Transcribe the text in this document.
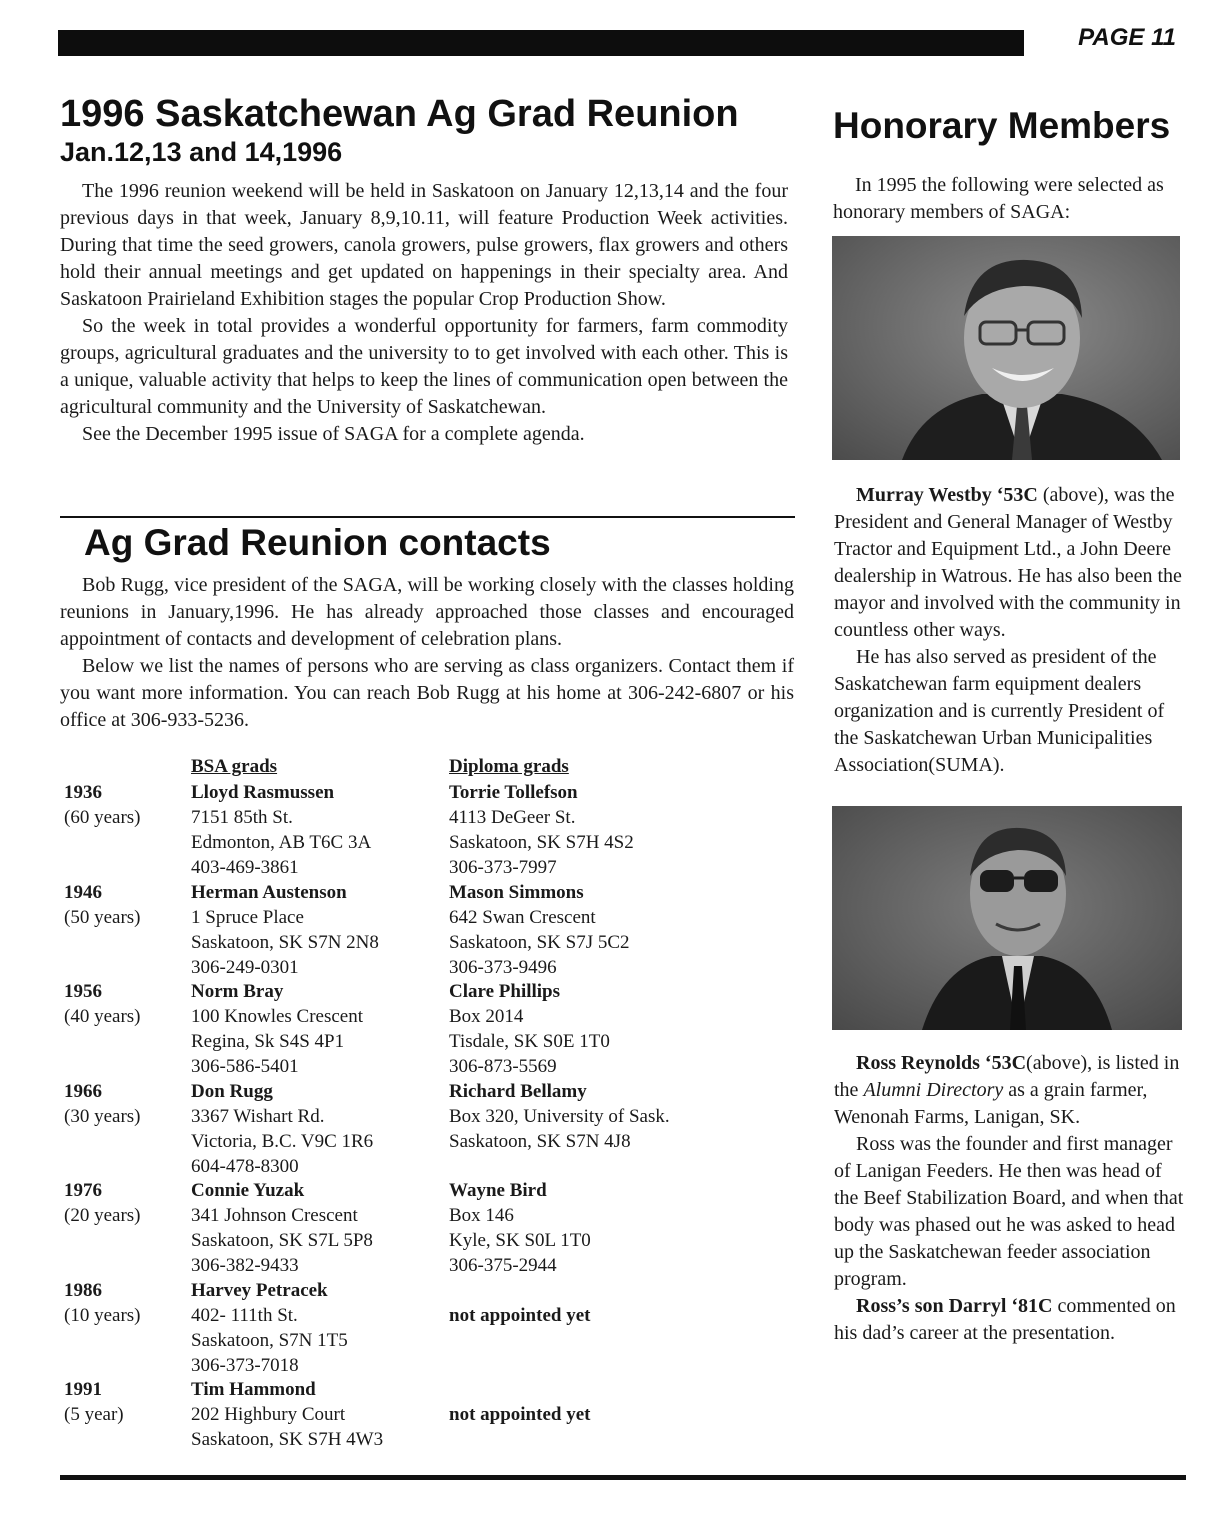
PAGE 11
1996 Saskatchewan Ag Grad Reunion
Jan.12,13 and 14,1996

The 1996 reunion weekend will be held in Saskatoon on January 12,13,14 and the four previous days in that week, January 8,9,10.11, will feature Production Week activities. During that time the seed growers, canola growers, pulse growers, flax growers and others hold their annual meetings and get updated on happenings in their specialty area. And Saskatoon Prairieland Exhibition stages the popular Crop Production Show.

So the week in total provides a wonderful opportunity for farmers, farm commodity groups, agricultural graduates and the university to to get involved with each other. This is a unique, valuable activity that helps to keep the lines of communication open between the agricultural community and the University of Saskatchewan.

See the December 1995 issue of SAGA for a complete agenda.

Ag Grad Reunion contacts

Bob Rugg, vice president of the SAGA, will be working closely with the classes holding reunions in January,1996. He has already approached those classes and encouraged appointment of contacts and development of celebration plans.

Below we list the names of persons who are serving as class organizers. Contact them if you want more information. You can reach Bob Rugg at his home at 306-242-6807 or his office at 306-933-5236.

BSA grads	Diploma grads
1936
(60 years)
Lloyd Rasmussen
7151 85th St.
Edmonton, AB T6C 3A
403-469-3861
Torrie Tollefson
4113 DeGeer St.
Saskatoon, SK S7H 4S2
306-373-7997
1946
(50 years)
Herman Austenson
1 Spruce Place
Saskatoon, SK S7N 2N8
306-249-0301
Mason Simmons
642 Swan Crescent
Saskatoon, SK S7J 5C2
306-373-9496
1956
(40 years)
Norm Bray
100 Knowles Crescent
Regina, Sk S4S 4P1
306-586-5401
Clare Phillips
Box 2014
Tisdale, SK S0E 1T0
306-873-5569
1966
(30 years)
Don Rugg
3367 Wishart Rd.
Victoria, B.C. V9C 1R6
604-478-8300
Richard Bellamy
Box 320, University of Sask.
Saskatoon, SK S7N 4J8
1976
(20 years)
Connie Yuzak
341 Johnson Crescent
Saskatoon, SK S7L 5P8
306-382-9433
Wayne Bird
Box 146
Kyle, SK S0L 1T0
306-375-2944
1986
(10 years)
Harvey Petracek
402- 111th St.
Saskatoon, S7N 1T5
306-373-7018
not appointed yet
1991
(5 year)
Tim Hammond
202 Highbury Court
Saskatoon, SK S7H 4W3
not appointed yet
Honorary Members

In 1995 the following were selected as honorary members of SAGA:

Murray Westby ‘53C (above), was the President and General Manager of Westby Tractor and Equipment Ltd., a John Deere dealership in Watrous. He has also been the mayor and involved with the community in countless other ways.

He has also served as president of the Saskatchewan farm equipment dealers organization and is currently President of the Saskatchewan Urban Municipalities Association(SUMA).

Ross Reynolds ‘53C(above), is listed in the Alumni Directory as a grain farmer, Wenonah Farms, Lanigan, SK.

Ross was the founder and first manager of Lanigan Feeders. He then was head of the Beef Stabilization Board, and when that body was phased out he was asked to head up the Saskatchewan feeder association program.

Ross’s son Darryl ‘81C commented on his dad’s career at the presentation.
